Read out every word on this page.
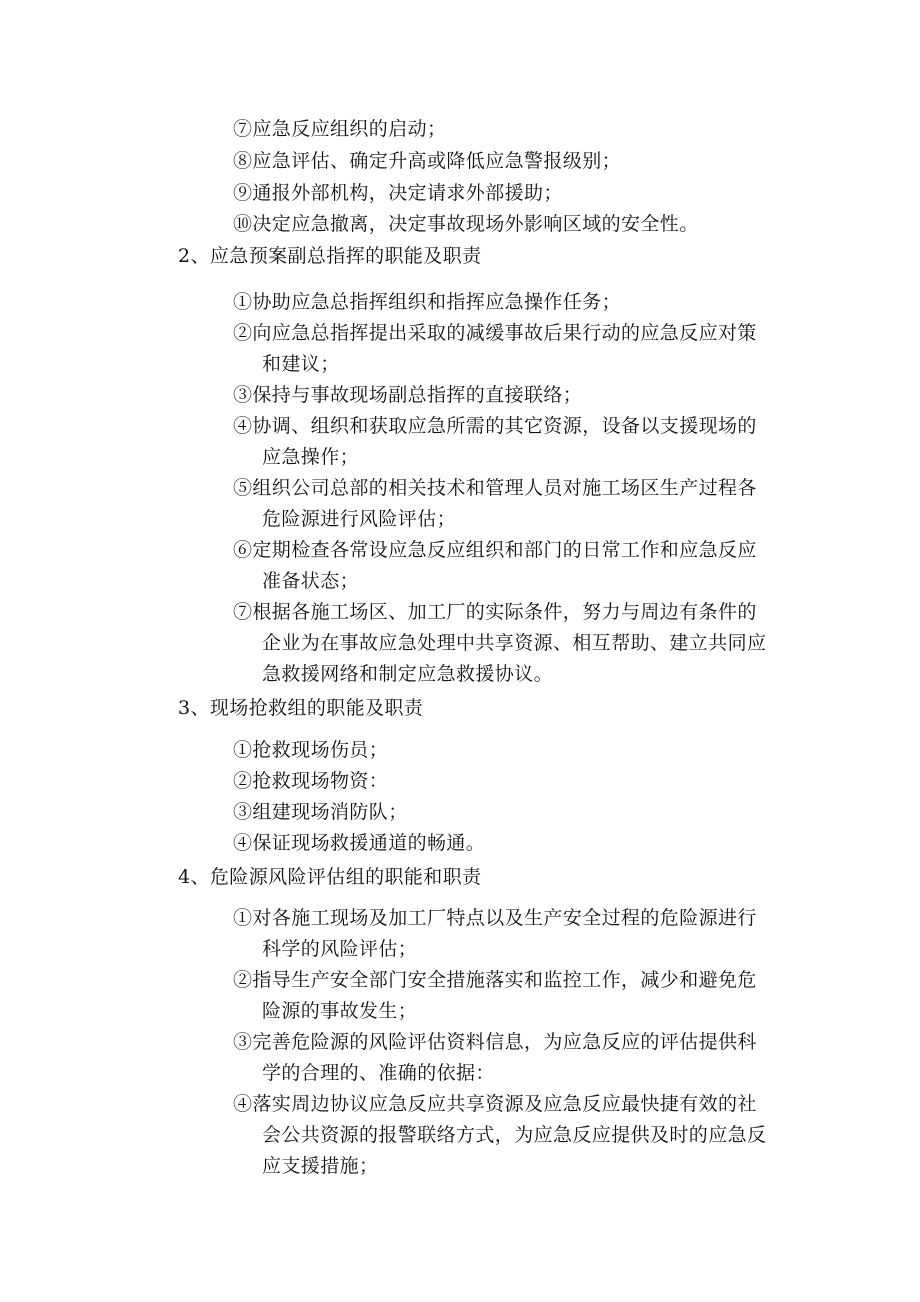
⑦应急反应组织的启动；
⑧应急评估、确定升高或降低应急警报级别；
⑨通报外部机构，决定请求外部援助；
⑩决定应急撤离，决定事故现场外影响区域的安全性。
2、应急预案副总指挥的职能及职责
①协助应急总指挥组织和指挥应急操作任务；
②向应急总指挥提出采取的减缓事故后果行动的应急反应对策
和建议；
③保持与事故现场副总指挥的直接联络；
④协调、组织和获取应急所需的其它资源，设备以支援现场的
应急操作；
⑤组织公司总部的相关技术和管理人员对施工场区生产过程各
危险源进行风险评估；
⑥定期检查各常设应急反应组织和部门的日常工作和应急反应
准备状态；
⑦根据各施工场区、加工厂的实际条件，努力与周边有条件的
企业为在事故应急处理中共享资源、相互帮助、建立共同应
急救援网络和制定应急救援协议。
3、现场抢救组的职能及职责
①抢救现场伤员；
②抢救现场物资：
③组建现场消防队；
④保证现场救援通道的畅通。
4、危险源风险评估组的职能和职责
①对各施工现场及加工厂特点以及生产安全过程的危险源进行
科学的风险评估；
②指导生产安全部门安全措施落实和监控工作，减少和避免危
险源的事故发生；
③完善危险源的风险评估资料信息，为应急反应的评估提供科
学的合理的、准确的依据：
④落实周边协议应急反应共享资源及应急反应最快捷有效的社
会公共资源的报警联络方式，为应急反应提供及时的应急反
应支援措施；
